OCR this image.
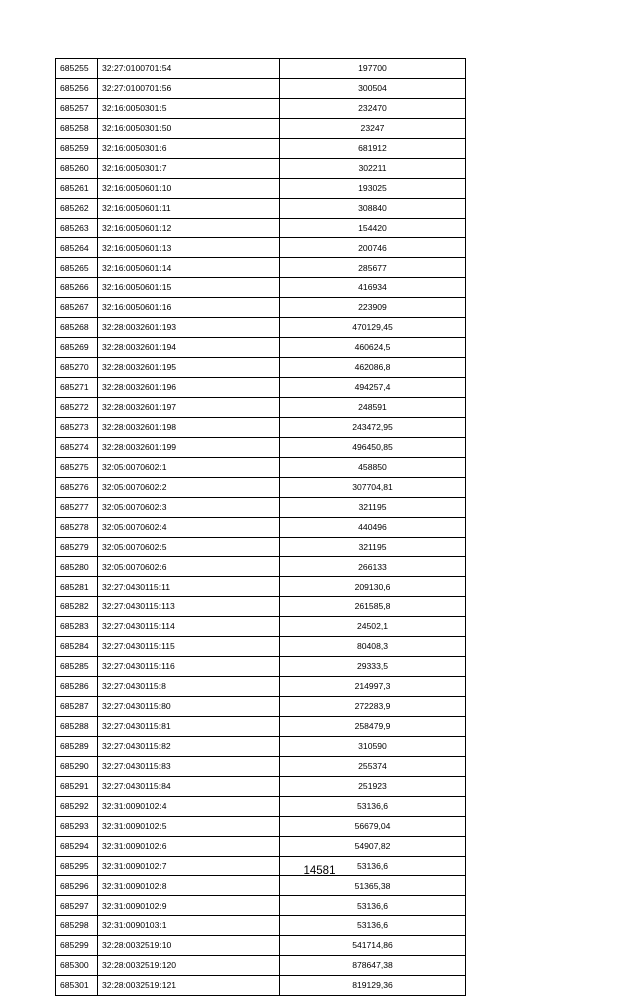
685255	32:27:0100701:54	197700
685256	32:27:0100701:56	300504
685257	32:16:0050301:5	232470
685258	32:16:0050301:50	23247
685259	32:16:0050301:6	681912
685260	32:16:0050301:7	302211
685261	32:16:0050601:10	193025
685262	32:16:0050601:11	308840
685263	32:16:0050601:12	154420
685264	32:16:0050601:13	200746
685265	32:16:0050601:14	285677
685266	32:16:0050601:15	416934
685267	32:16:0050601:16	223909
685268	32:28:0032601:193	470129,45
685269	32:28:0032601:194	460624,5
685270	32:28:0032601:195	462086,8
685271	32:28:0032601:196	494257,4
685272	32:28:0032601:197	248591
685273	32:28:0032601:198	243472,95
685274	32:28:0032601:199	496450,85
685275	32:05:0070602:1	458850
685276	32:05:0070602:2	307704,81
685277	32:05:0070602:3	321195
685278	32:05:0070602:4	440496
685279	32:05:0070602:5	321195
685280	32:05:0070602:6	266133
685281	32:27:0430115:11	209130,6
685282	32:27:0430115:113	261585,8
685283	32:27:0430115:114	24502,1
685284	32:27:0430115:115	80408,3
685285	32:27:0430115:116	29333,5
685286	32:27:0430115:8	214997,3
685287	32:27:0430115:80	272283,9
685288	32:27:0430115:81	258479,9
685289	32:27:0430115:82	310590
685290	32:27:0430115:83	255374
685291	32:27:0430115:84	251923
685292	32:31:0090102:4	53136,6
685293	32:31:0090102:5	56679,04
685294	32:31:0090102:6	54907,82
685295	32:31:0090102:7	53136,6
685296	32:31:0090102:8	51365,38
685297	32:31:0090102:9	53136,6
685298	32:31:0090103:1	53136,6
685299	32:28:0032519:10	541714,86
685300	32:28:0032519:120	878647,38
685301	32:28:0032519:121	819129,36
14581
